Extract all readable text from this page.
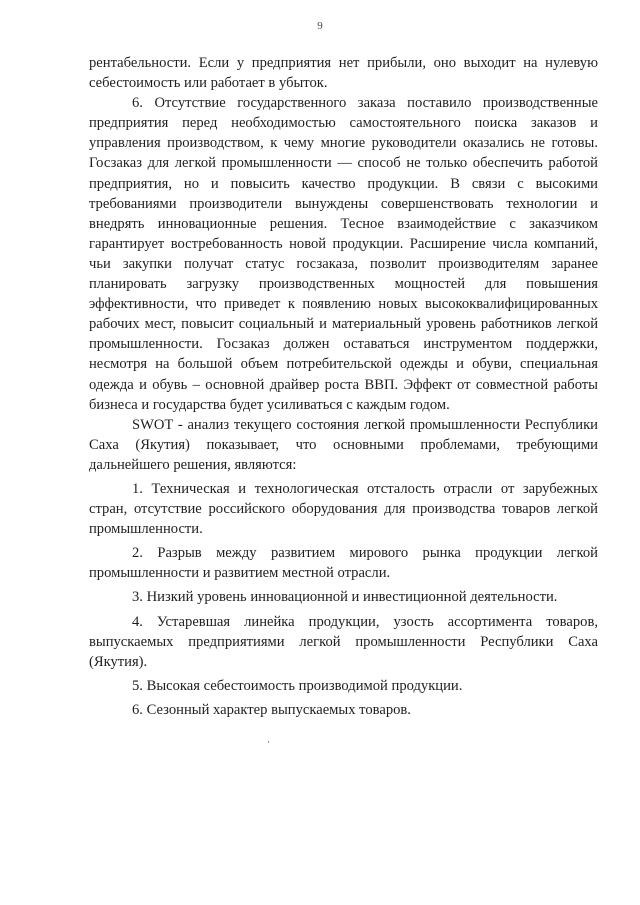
9

рентабельности. Если у предприятия нет прибыли, оно выходит на нулевую себестоимость или работает в убыток.

6. Отсутствие государственного заказа поставило производственные предприятия перед необходимостью самостоятельного поиска заказов и управления производством, к чему многие руководители оказались не готовы. Госзаказ для легкой промышленности — способ не только обеспечить работой предприятия, но и повысить качество продукции. В связи с высокими требованиями производители вынуждены совершенствовать технологии и внедрять инновационные решения. Тесное взаимодействие с заказчиком гарантирует востребованность новой продукции. Расширение числа компаний, чьи закупки получат статус госзаказа, позволит производителям заранее планировать загрузку производственных мощностей для повышения эффективности, что приведет к появлению новых высококвалифицированных рабочих мест, повысит социальный и материальный уровень работников легкой промышленности. Госзаказ должен оставаться инструментом поддержки, несмотря на большой объем потребительской одежды и обуви, специальная одежда и обувь – основной драйвер роста ВВП. Эффект от совместной работы бизнеса и государства будет усиливаться с каждым годом.

SWOT - анализ текущего состояния легкой промышленности Республики Саха (Якутия) показывает, что основными проблемами, требующими дальнейшего решения, являются:

1. Техническая и технологическая отсталость отрасли от зарубежных стран, отсутствие российского оборудования для производства товаров легкой промышленности.

2. Разрыв между развитием мирового рынка продукции легкой промышленности и развитием местной отрасли.

3. Низкий уровень инновационной и инвестиционной деятельности.

4. Устаревшая линейка продукции, узость ассортимента товаров, выпускаемых предприятиями легкой промышленности Республики Саха (Якутия).

5. Высокая себестоимость производимой продукции.

6. Сезонный характер выпускаемых товаров.
